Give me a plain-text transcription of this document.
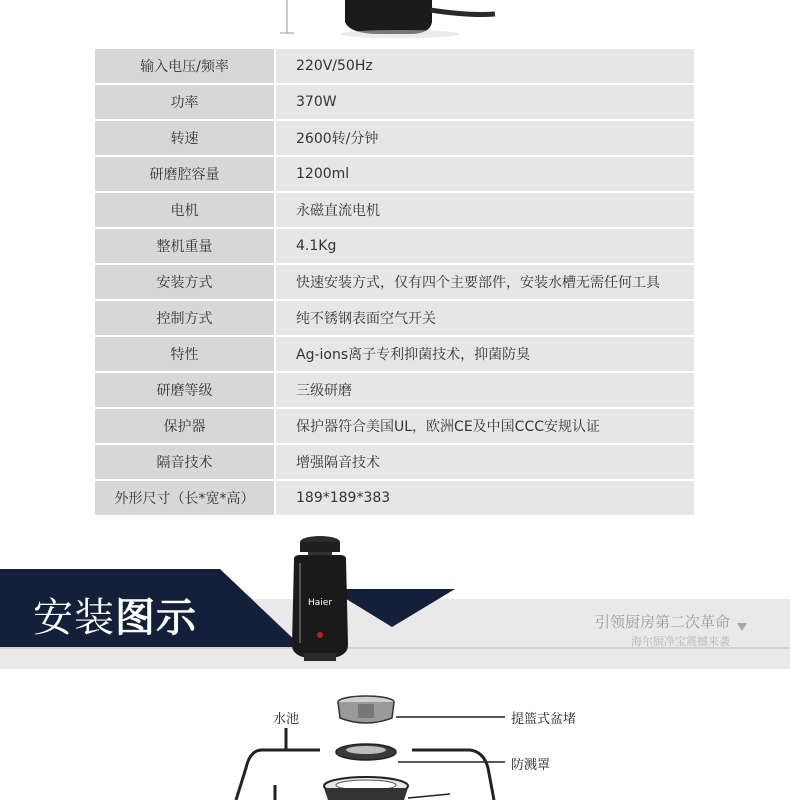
输入电压/频率	220V/50Hz
功率	370W
转速	2600转/分钟
研磨腔容量	1200ml
电机	永磁直流电机
整机重量	4.1Kg
安装方式	快速安装方式，仅有四个主要部件，安装水槽无需任何工具
控制方式	纯不锈钢表面空气开关
特性	Ag-ions离子专利抑菌技术，抑菌防臭
研磨等级	三级研磨
保护器	保护器符合美国UL，欧洲CE及中国CCC安规认证
隔音技术	增强隔音技术
外形尺寸（长*宽*高）	189*189*383
Haier
安装图示	引领厨房第二次革命
海尔厨净宝震撼来袭
水池	提篮式盆堵
防溅罩
